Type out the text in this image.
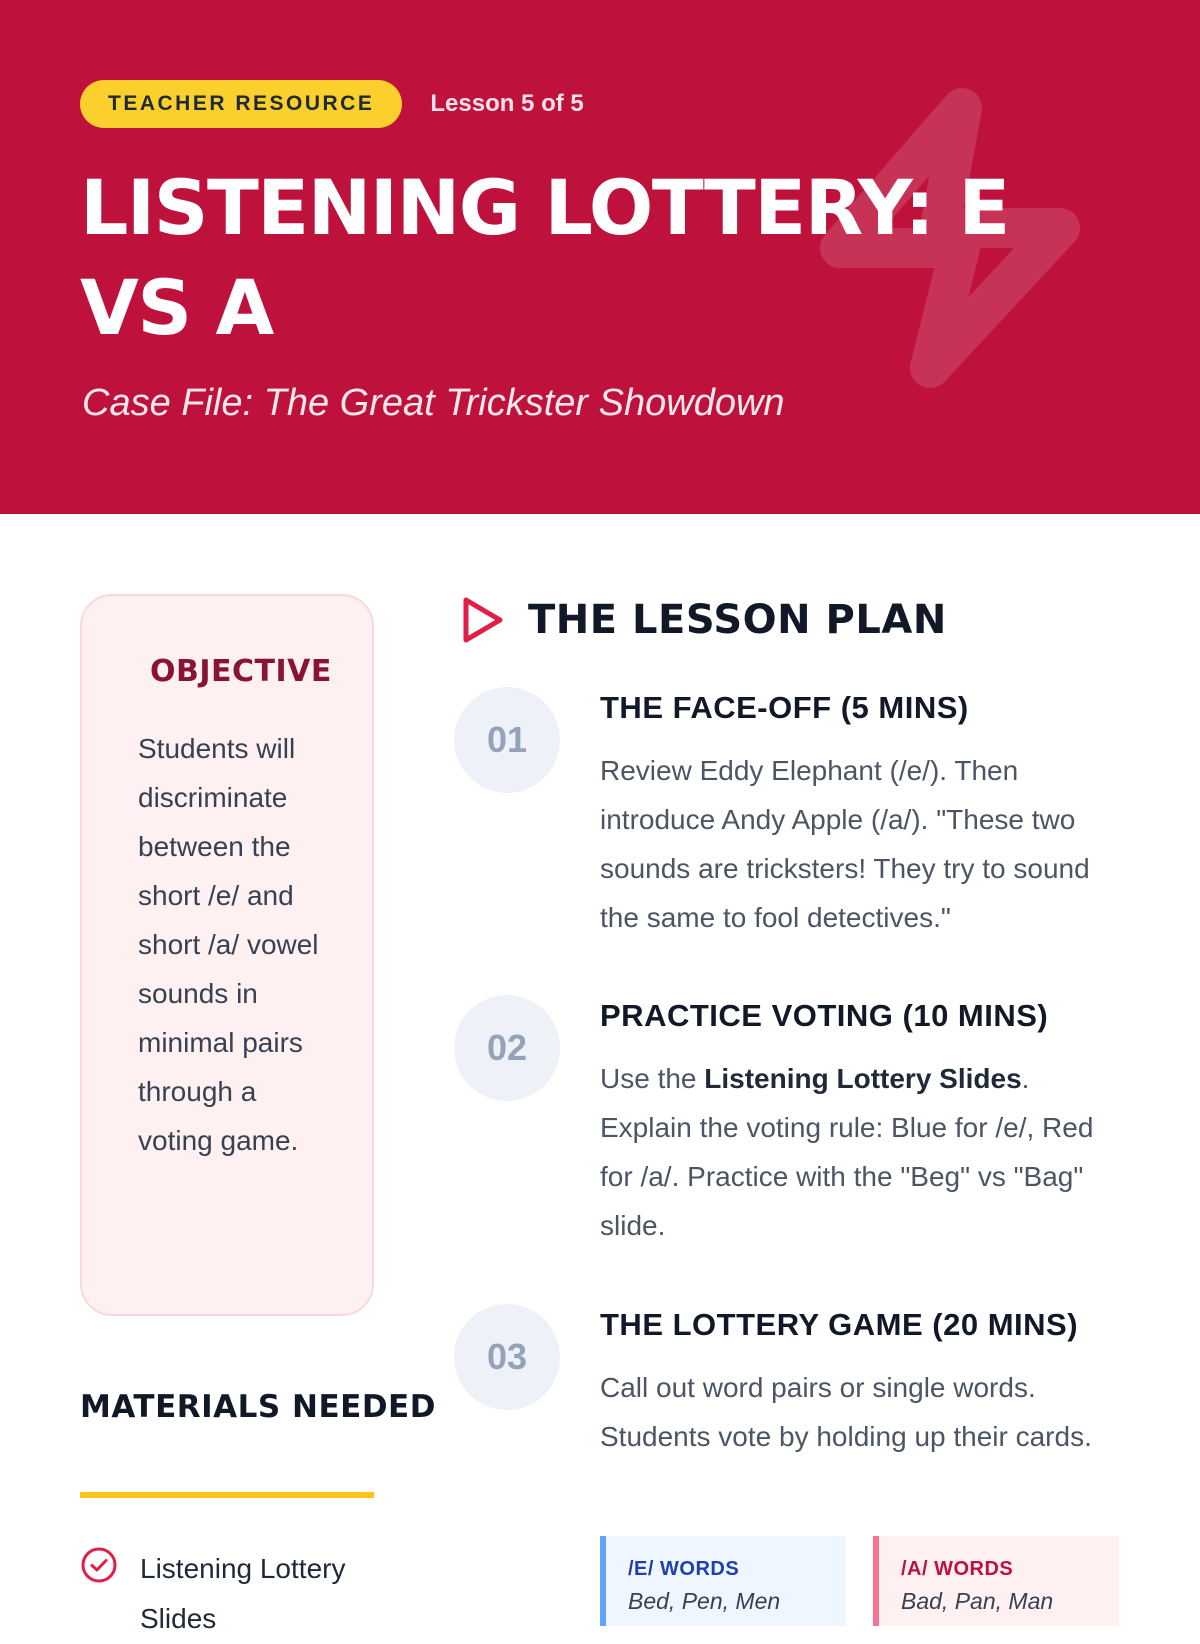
TEACHER RESOURCE	Lesson 5 of 5
LISTENING LOTTERY: E VS A
Case File: The Great Trickster Showdown
OBJECTIVE

Students will discriminate between the short /e/ and short /a/ vowel sounds in minimal pairs through a voting game.

MATERIALS NEEDED
Listening Lottery Slides
THE LESSON PLAN
01
THE FACE-OFF (5 MINS)

Review Eddy Elephant (/e/). Then introduce Andy Apple (/a/). "These two sounds are tricksters! They try to sound the same to fool detectives."

02
PRACTICE VOTING (10 MINS)

Use the Listening Lottery Slides. Explain the voting rule: Blue for /e/, Red for /a/. Practice with the "Beg" vs "Bag" slide.

03
THE LOTTERY GAME (20 MINS)

Call out word pairs or single words. Students vote by holding up their cards.

/E/ WORDS
Bed, Pen, Men
/A/ WORDS
Bad, Pan, Man
